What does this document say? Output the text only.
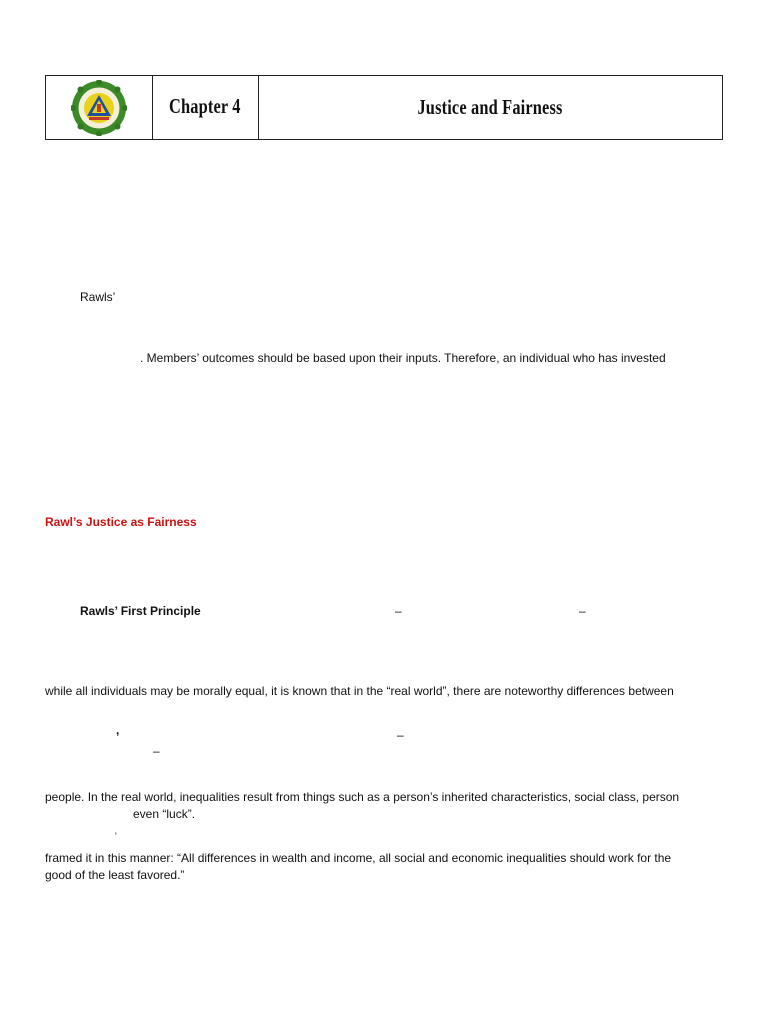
Chapter 4	Justice and Fairness
Rawls’
. Members’ outcomes should be based upon their inputs. Therefore, an individual who has invested
Rawl’s Justice as Fairness
Rawls’ First Principle	–	–
while all individuals may be morally equal, it is known that in the “real world”, there are noteworthy differences between
,	–
–
people. In the real world, inequalities result from things such as a person’s inherited characteristics, social class, person
even “luck”.
'
framed it in this manner: “All differences in wealth and income, all social and economic inequalities should work for the
good of the least favored.”
